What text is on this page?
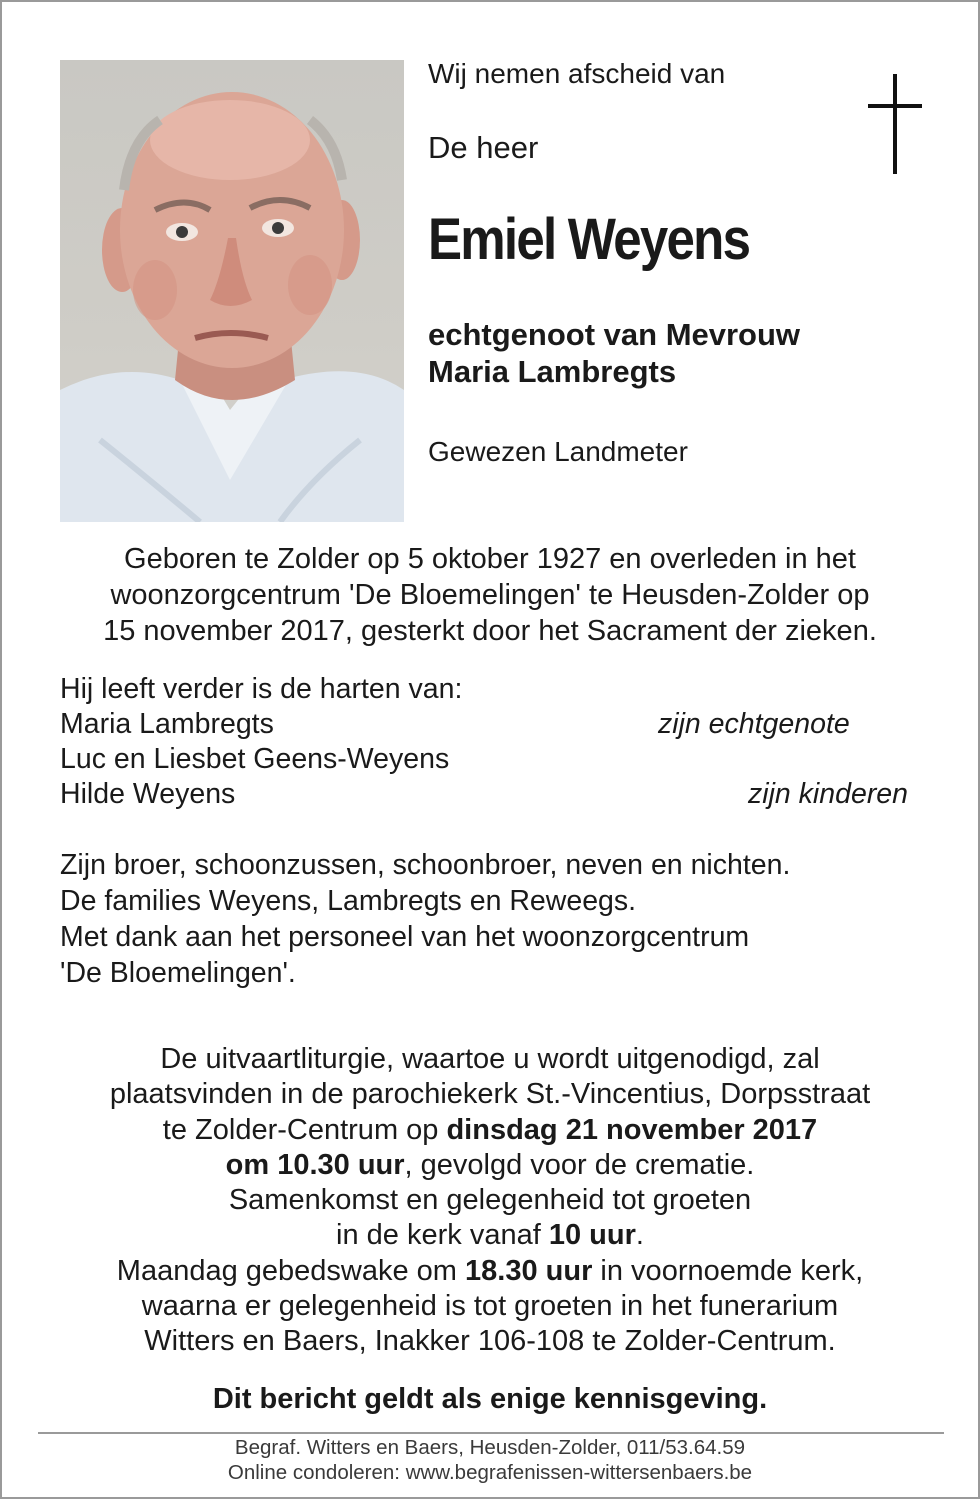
Wij nemen afscheid van
De heer
Emiel Weyens
echtgenoot van Mevrouw
Maria Lambregts
Gewezen Landmeter
Geboren te Zolder op 5 oktober 1927 en overleden in het
woonzorgcentrum 'De Bloemelingen' te Heusden-Zolder op
15 november 2017, gesterkt door het Sacrament der zieken.
Hij leeft verder is de harten van:
Maria Lambregts	zijn echtgenote
Luc en Liesbet Geens-Weyens
Hilde Weyens	zijn kinderen
Zijn broer, schoonzussen, schoonbroer, neven en nichten.
De families Weyens, Lambregts en Reweegs.
Met dank aan het personeel van het woonzorgcentrum
'De Bloemelingen'.
De uitvaartliturgie, waartoe u wordt uitgenodigd, zal
plaatsvinden in de parochiekerk St.-Vincentius, Dorpsstraat
te Zolder-Centrum op dinsdag 21 november 2017
om 10.30 uur, gevolgd voor de crematie.
Samenkomst en gelegenheid tot groeten
in de kerk vanaf 10 uur.
Maandag gebedswake om 18.30 uur in voornoemde kerk,
waarna er gelegenheid is tot groeten in het funerarium
Witters en Baers, Inakker 106-108 te Zolder-Centrum.
Dit bericht geldt als enige kennisgeving.
Begraf. Witters en Baers, Heusden-Zolder, 011/53.64.59
Online condoleren: www.begrafenissen-wittersenbaers.be
